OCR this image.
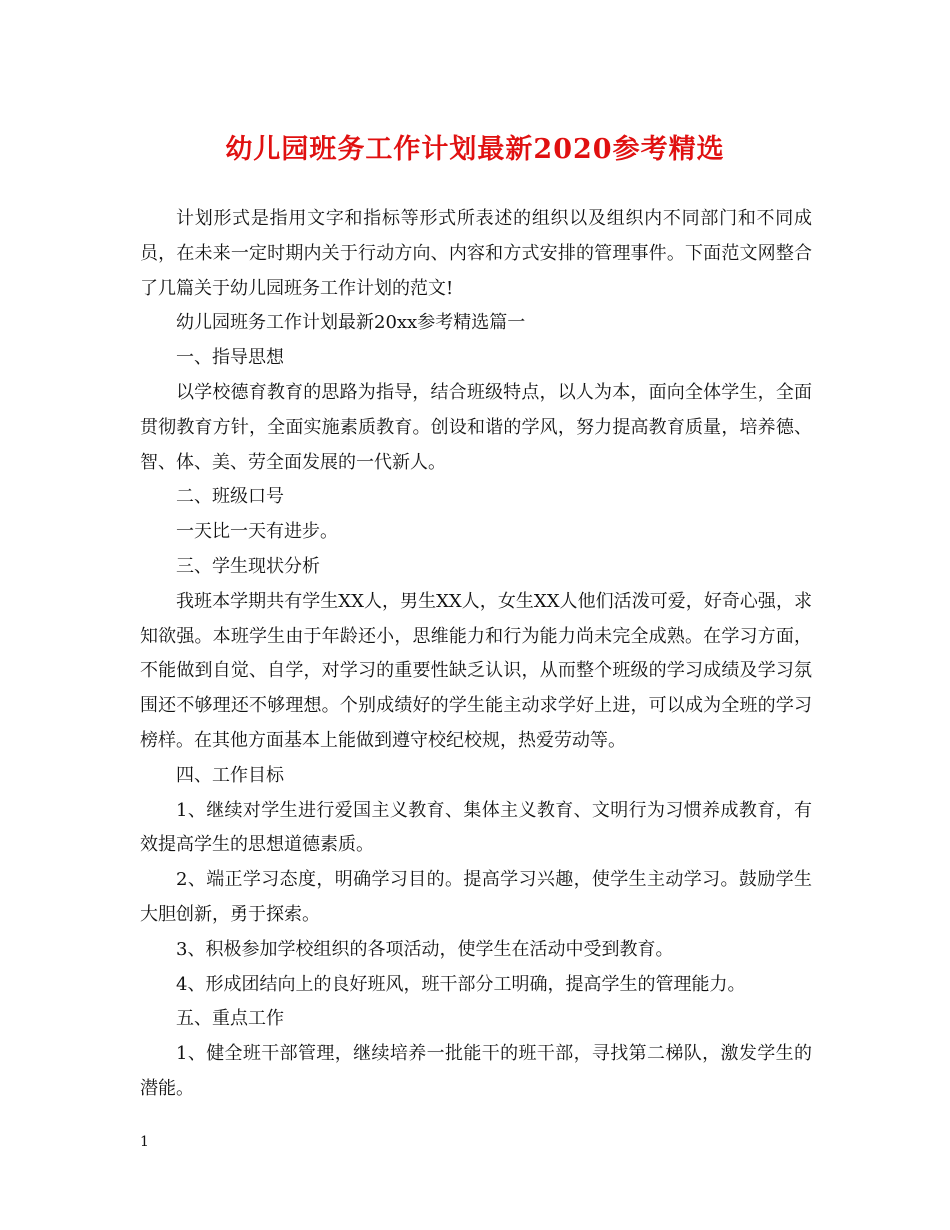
幼儿园班务工作计划最新2020参考精选

计划形式是指用文字和指标等形式所表述的组织以及组织内不同部门和不同成员，在未来一定时期内关于行动方向、内容和方式安排的管理事件。下面范文网整合了几篇关于幼儿园班务工作计划的范文!

幼儿园班务工作计划最新20xx参考精选篇一

一、指导思想

以学校德育教育的思路为指导，结合班级特点，以人为本，面向全体学生，全面贯彻教育方针，全面实施素质教育。创设和谐的学风，努力提高教育质量，培养德、智、体、美、劳全面发展的一代新人。

二、班级口号

一天比一天有进步。

三、学生现状分析

我班本学期共有学生XX人，男生XX人，女生XX人他们活泼可爱，好奇心强，求知欲强。本班学生由于年龄还小，思维能力和行为能力尚未完全成熟。在学习方面，不能做到自觉、自学，对学习的重要性缺乏认识，从而整个班级的学习成绩及学习氛围还不够理还不够理想。个别成绩好的学生能主动求学好上进，可以成为全班的学习榜样。在其他方面基本上能做到遵守校纪校规，热爱劳动等。

四、工作目标

1、继续对学生进行爱国主义教育、集体主义教育、文明行为习惯养成教育，有效提高学生的思想道德素质。

2、端正学习态度，明确学习目的。提高学习兴趣，使学生主动学习。鼓励学生大胆创新，勇于探索。

3、积极参加学校组织的各项活动，使学生在活动中受到教育。

4、形成团结向上的良好班风，班干部分工明确，提高学生的管理能力。

五、重点工作

1、健全班干部管理，继续培养一批能干的班干部，寻找第二梯队，激发学生的潜能。

1
